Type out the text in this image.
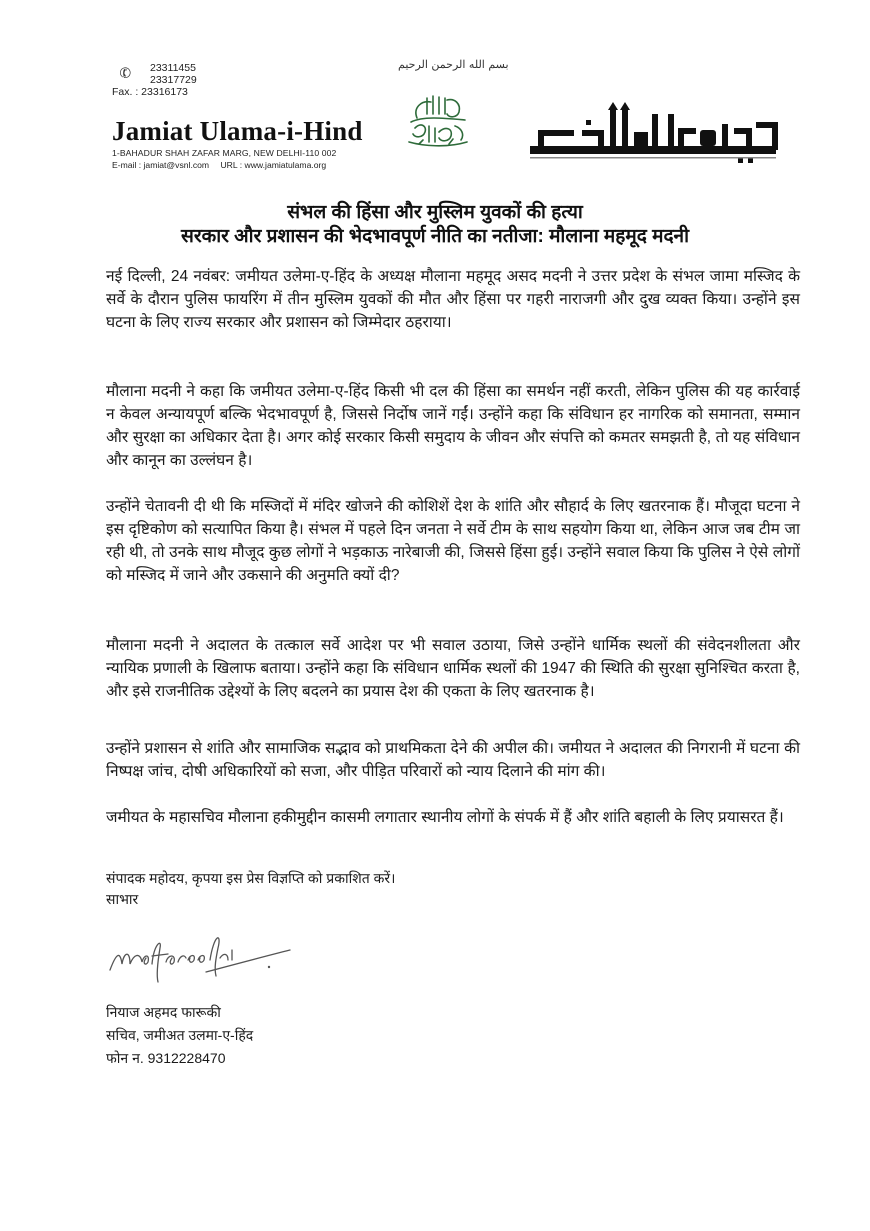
✆	23311455
23317729
Fax. : 23316173
Jamiat Ulama-i-Hind
1-BAHADUR SHAH ZAFAR MARG, NEW DELHI-110 002
E-mail : jamiat@vsnl.com URL : www.jamiatulama.org
بسم الله الرحمن الرحيم
संभल की हिंसा और मुस्लिम युवकों की हत्या
सरकार और प्रशासन की भेदभावपूर्ण नीति का नतीजा: मौलाना महमूद मदनी

नई दिल्ली, 24 नवंबर: जमीयत उलेमा-ए-हिंद के अध्यक्ष मौलाना महमूद असद मदनी ने उत्तर प्रदेश के संभल जामा मस्जिद के सर्वे के दौरान पुलिस फायरिंग में तीन मुस्लिम युवकों की मौत और हिंसा पर गहरी नाराजगी और दुख व्यक्त किया। उन्होंने इस घटना के लिए राज्य सरकार और प्रशासन को जिम्मेदार ठहराया।

मौलाना मदनी ने कहा कि जमीयत उलेमा-ए-हिंद किसी भी दल की हिंसा का समर्थन नहीं करती, लेकिन पुलिस की यह कार्रवाई न केवल अन्यायपूर्ण बल्कि भेदभावपूर्ण है, जिससे निर्दोष जानें गईं। उन्होंने कहा कि संविधान हर नागरिक को समानता, सम्मान और सुरक्षा का अधिकार देता है। अगर कोई सरकार किसी समुदाय के जीवन और संपत्ति को कमतर समझती है, तो यह संविधान और कानून का उल्लंघन है।

उन्होंने चेतावनी दी थी कि मस्जिदों में मंदिर खोजने की कोशिशें देश के शांति और सौहार्द के लिए खतरनाक हैं। मौजूदा घटना ने इस दृष्टिकोण को सत्यापित किया है। संभल में पहले दिन जनता ने सर्वे टीम के साथ सहयोग किया था, लेकिन आज जब टीम जा रही थी, तो उनके साथ मौजूद कुछ लोगों ने भड़काऊ नारेबाजी की, जिससे हिंसा हुई। उन्होंने सवाल किया कि पुलिस ने ऐसे लोगों को मस्जिद में जाने और उकसाने की अनुमति क्यों दी?

मौलाना मदनी ने अदालत के तत्काल सर्वे आदेश पर भी सवाल उठाया, जिसे उन्होंने धार्मिक स्थलों की संवेदनशीलता और न्यायिक प्रणाली के खिलाफ बताया। उन्होंने कहा कि संविधान धार्मिक स्थलों की 1947 की स्थिति की सुरक्षा सुनिश्चित करता है, और इसे राजनीतिक उद्देश्यों के लिए बदलने का प्रयास देश की एकता के लिए खतरनाक है।

उन्होंने प्रशासन से शांति और सामाजिक सद्भाव को प्राथमिकता देने की अपील की। जमीयत ने अदालत की निगरानी में घटना की निष्पक्ष जांच, दोषी अधिकारियों को सजा, और पीड़ित परिवारों को न्याय दिलाने की मांग की।

जमीयत के महासचिव मौलाना हकीमुद्दीन कासमी लगातार स्थानीय लोगों के संपर्क में हैं और शांति बहाली के लिए प्रयासरत हैं।

संपादक महोदय, कृपया इस प्रेस विज्ञप्ति को प्रकाशित करें।
साभार
नियाज अहमद फारूकी
सचिव, जमीअत उलमा-ए-हिंद
फोन न. 9312228470
